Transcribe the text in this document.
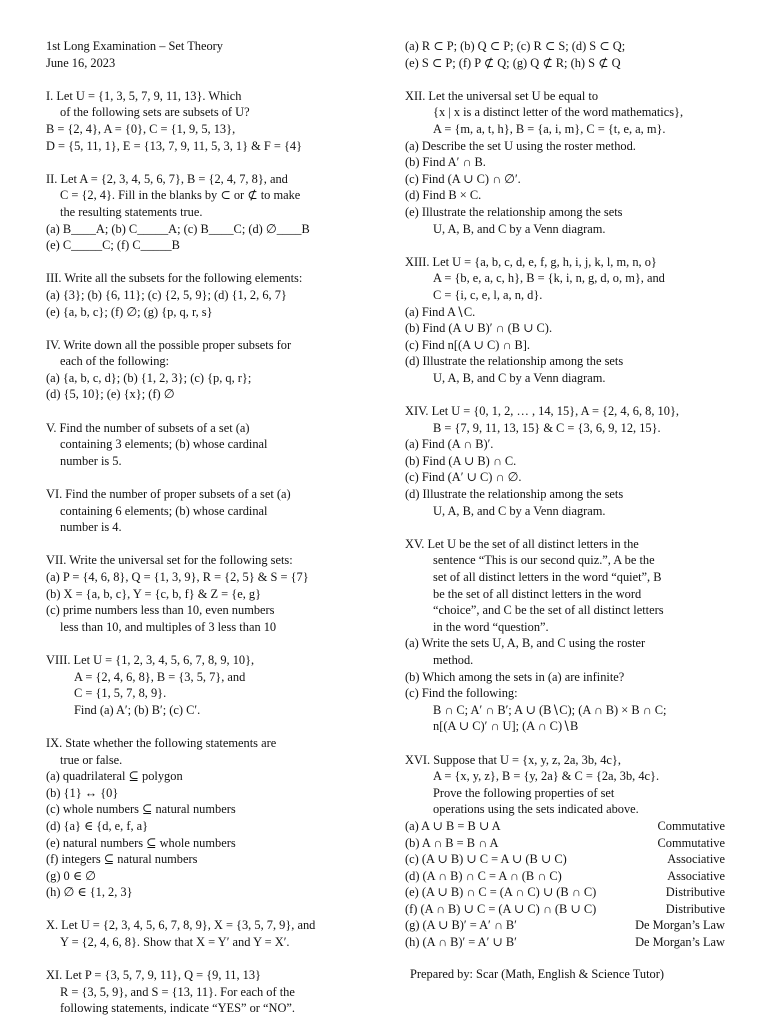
1st Long Examination – Set Theory
June 16, 2023
I. Let U = {1, 3, 5, 7, 9, 11, 13}. Which
of the following sets are subsets of U?
B = {2, 4}, A = {0}, C = {1, 9, 5, 13},
D = {5, 11, 1}, E = {13, 7, 9, 11, 5, 3, 1} & F = {4}
II. Let A = {2, 3, 4, 5, 6, 7}, B = {2, 4, 7, 8}, and
C = {2, 4}. Fill in the blanks by ⊂ or ⊄ to make
the resulting statements true.
(a) B____A; (b) C_____A; (c) B____C; (d) ∅____B
(e) C_____C; (f) C_____B
III. Write all the subsets for the following elements:
(a) {3}; (b) {6, 11}; (c) {2, 5, 9}; (d) {1, 2, 6, 7}
(e) {a, b, c}; (f) ∅; (g) {p, q, r, s}
IV. Write down all the possible proper subsets for
each of the following:
(a) {a, b, c, d}; (b) {1, 2, 3}; (c) {p, q, r};
(d) {5, 10}; (e) {x}; (f) ∅
V. Find the number of subsets of a set (a)
containing 3 elements; (b) whose cardinal
number is 5.
VI. Find the number of proper subsets of a set (a)
containing 6 elements; (b) whose cardinal
number is 4.
VII. Write the universal set for the following sets:
(a) P = {4, 6, 8}, Q = {1, 3, 9}, R = {2, 5} & S = {7}
(b) X = {a, b, c}, Y = {c, b, f} & Z = {e, g}
(c) prime numbers less than 10, even numbers
less than 10, and multiples of 3 less than 10
VIII. Let U = {1, 2, 3, 4, 5, 6, 7, 8, 9, 10},
A = {2, 4, 6, 8}, B = {3, 5, 7}, and
C = {1, 5, 7, 8, 9}.
Find (a) A′; (b) B′; (c) C′.
IX. State whether the following statements are
true or false.
(a) quadrilateral ⊆ polygon
(b) {1} ↔ {0}
(c) whole numbers ⊆ natural numbers
(d) {a} ∈ {d, e, f, a}
(e) natural numbers ⊆ whole numbers
(f) integers ⊆ natural numbers
(g) 0 ∈ ∅
(h) ∅ ∈ {1, 2, 3}
X. Let U = {2, 3, 4, 5, 6, 7, 8, 9}, X = {3, 5, 7, 9}, and
Y = {2, 4, 6, 8}. Show that X = Y′ and Y = X′.
XI. Let P = {3, 5, 7, 9, 11}, Q = {9, 11, 13}
R = {3, 5, 9}, and S = {13, 11}. For each of the
following statements, indicate “YES” or “NO”.
(a) R ⊂ P; (b) Q ⊂ P; (c) R ⊂ S; (d) S ⊂ Q;
(e) S ⊂ P; (f) P ⊄ Q; (g) Q ⊄ R; (h) S ⊄ Q
XII. Let the universal set U be equal to
{x | x is a distinct letter of the word mathematics},
A = {m, a, t, h}, B = {a, i, m}, C = {t, e, a, m}.
(a) Describe the set U using the roster method.
(b) Find A′ ∩ B.
(c) Find (A ∪ C) ∩ ∅′.
(d) Find B × C.
(e) Illustrate the relationship among the sets
U, A, B, and C by a Venn diagram.
XIII. Let U = {a, b, c, d, e, f, g, h, i, j, k, l, m, n, o}
A = {b, e, a, c, h}, B = {k, i, n, g, d, o, m}, and
C = {i, c, e, l, a, n, d}.
(a) Find A∖C.
(b) Find (A ∪ B)′ ∩ (B ∪ C).
(c) Find n[(A ∪ C) ∩ B].
(d) Illustrate the relationship among the sets
U, A, B, and C by a Venn diagram.
XIV. Let U = {0, 1, 2, … , 14, 15}, A = {2, 4, 6, 8, 10},
B = {7, 9, 11, 13, 15} & C = {3, 6, 9, 12, 15}.
(a) Find (A ∩ B)′.
(b) Find (A ∪ B) ∩ C.
(c) Find (A′ ∪ C) ∩ ∅.
(d) Illustrate the relationship among the sets
U, A, B, and C by a Venn diagram.
XV. Let U be the set of all distinct letters in the
sentence “This is our second quiz.”, A be the
set of all distinct letters in the word “quiet”, B
be the set of all distinct letters in the word
“choice”, and C be the set of all distinct letters
in the word “question”.
(a) Write the sets U, A, B, and C using the roster
method.
(b) Which among the sets in (a) are infinite?
(c) Find the following:
B ∩ C; A′ ∩ B′; A ∪ (B∖C); (A ∩ B) × B ∩ C;
n[(A ∪ C)′ ∩ U]; (A ∩ C)∖B
XVI. Suppose that U = {x, y, z, 2a, 3b, 4c},
A = {x, y, z}, B = {y, 2a} & C = {2a, 3b, 4c}.
Prove the following properties of set
operations using the sets indicated above.
(a) A ∪ B = B ∪ A	Commutative
(b) A ∩ B = B ∩ A	Commutative
(c) (A ∪ B) ∪ C = A ∪ (B ∪ C)	Associative
(d) (A ∩ B) ∩ C = A ∩ (B ∩ C)	Associative
(e) (A ∪ B) ∩ C = (A ∩ C) ∪ (B ∩ C)	Distributive
(f) (A ∩ B) ∪ C = (A ∪ C) ∩ (B ∪ C)	Distributive
(g) (A ∪ B)′ = A′ ∩ B′	De Morgan’s Law
(h) (A ∩ B)′ = A′ ∪ B′	De Morgan’s Law
Prepared by: Scar (Math, English & Science Tutor)
